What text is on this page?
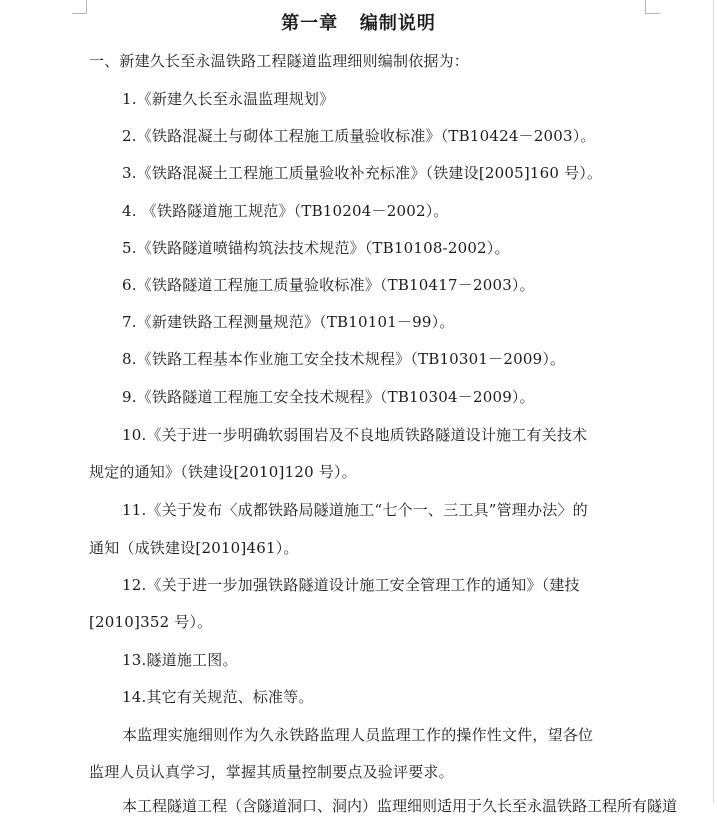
第一章   编制说明
一、新建久长至永温铁路工程隧道监理细则编制依据为：
1.《新建久长至永温监理规划》
2.《铁路混凝土与砌体工程施工质量验收标准》（TB10424－2003）。
3.《铁路混凝土工程施工质量验收补充标准》（铁建设[2005]160 号）。
4. 《铁路隧道施工规范》（TB10204－2002）。
5.《铁路隧道喷锚构筑法技术规范》（TB10108-2002）。
6.《铁路隧道工程施工质量验收标准》（TB10417－2003）。
7.《新建铁路工程测量规范》（TB10101－99）。
8.《铁路工程基本作业施工安全技术规程》（TB10301－2009）。
9.《铁路隧道工程施工安全技术规程》（TB10304－2009）。
10.《关于进一步明确软弱围岩及不良地质铁路隧道设计施工有关技术
规定的通知》（铁建设[2010]120 号）。
11.《关于发布〈成都铁路局隧道施工“七个一、三工具”管理办法〉的
通知（成铁建设[2010]461）。
12.《关于进一步加强铁路隧道设计施工安全管理工作的通知》（建技
[2010]352 号）。
13.隧道施工图。
14.其它有关规范、标准等。
本监理实施细则作为久永铁路监理人员监理工作的操作性文件，望各位
监理人员认真学习，掌握其质量控制要点及验评要求。
本工程隧道工程（含隧道洞口、洞内）监理细则适用于久长至永温铁路工程所有隧道
